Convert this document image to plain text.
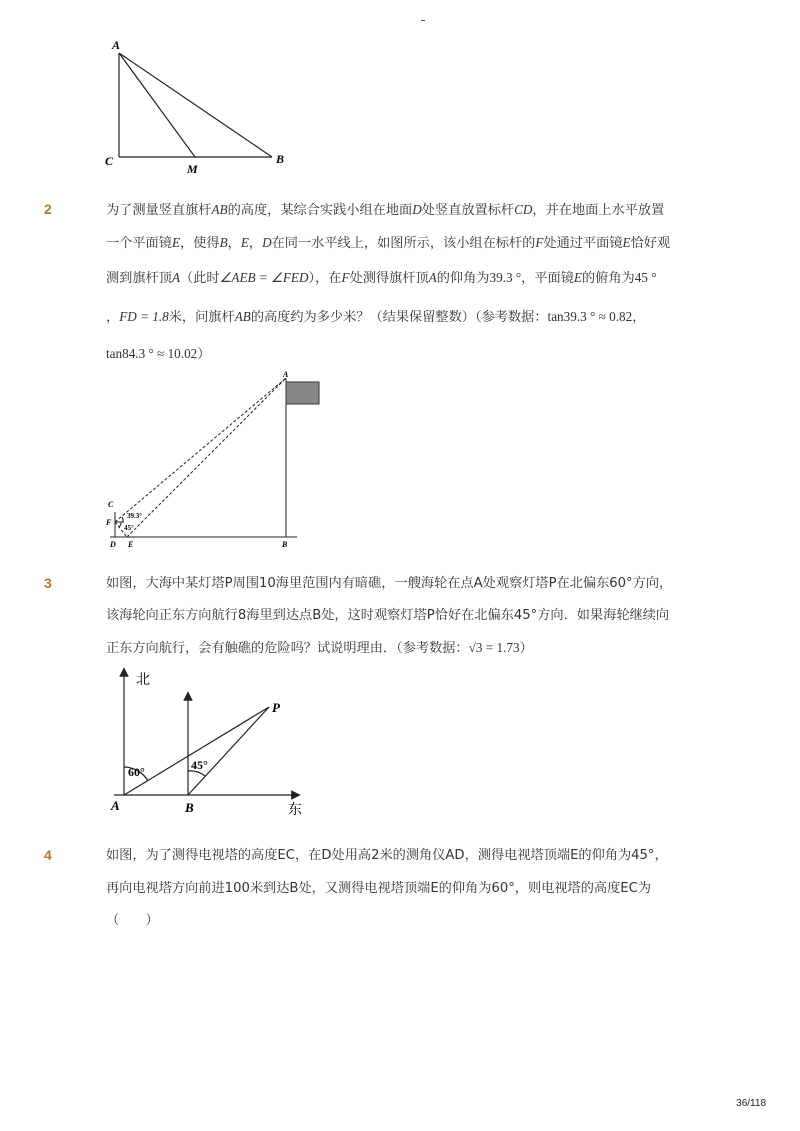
A
C
M
B
2	为了测量竖直旗杆AB的高度，某综合实践小组在地面D处竖直放置标杆CD，并在地面上水平放置
一个平面镜E，使得B，E，D在同一水平线上，如图所示，该小组在标杆的F处通过平面镜E恰好观
测到旗杆顶A（此时∠AEB = ∠FED），在F处测得旗杆顶A的仰角为39.3 °，平面镜E的俯角为45 °
，FD = 1.8米，问旗杆AB的高度约为多少米？（结果保留整数）（参考数据：tan39.3 ° ≈ 0.82，
tan84.3 ° ≈ 10.02）
A
C
F
D E	B
39.3°
45°
3	如图，大海中某灯塔P周围10海里范围内有暗礁，一艘海轮在点A处观察灯塔P在北偏东60°方向，
该海轮向正东方向航行8海里到达点B处，这时观察灯塔P恰好在北偏东45°方向．如果海轮继续向
正东方向航行，会有触礁的危险吗？试说明理由．（参考数据：√3 = 1.73）
北
东
A	B
P
60°	45°
4	如图，为了测得电视塔的高度EC，在D处用高2米的测角仪AD，测得电视塔顶端E的仰角为45°，
再向电视塔方向前进100米到达B处，又测得电视塔顶端E的仰角为60°，则电视塔的高度EC为
（　　）
36/118
